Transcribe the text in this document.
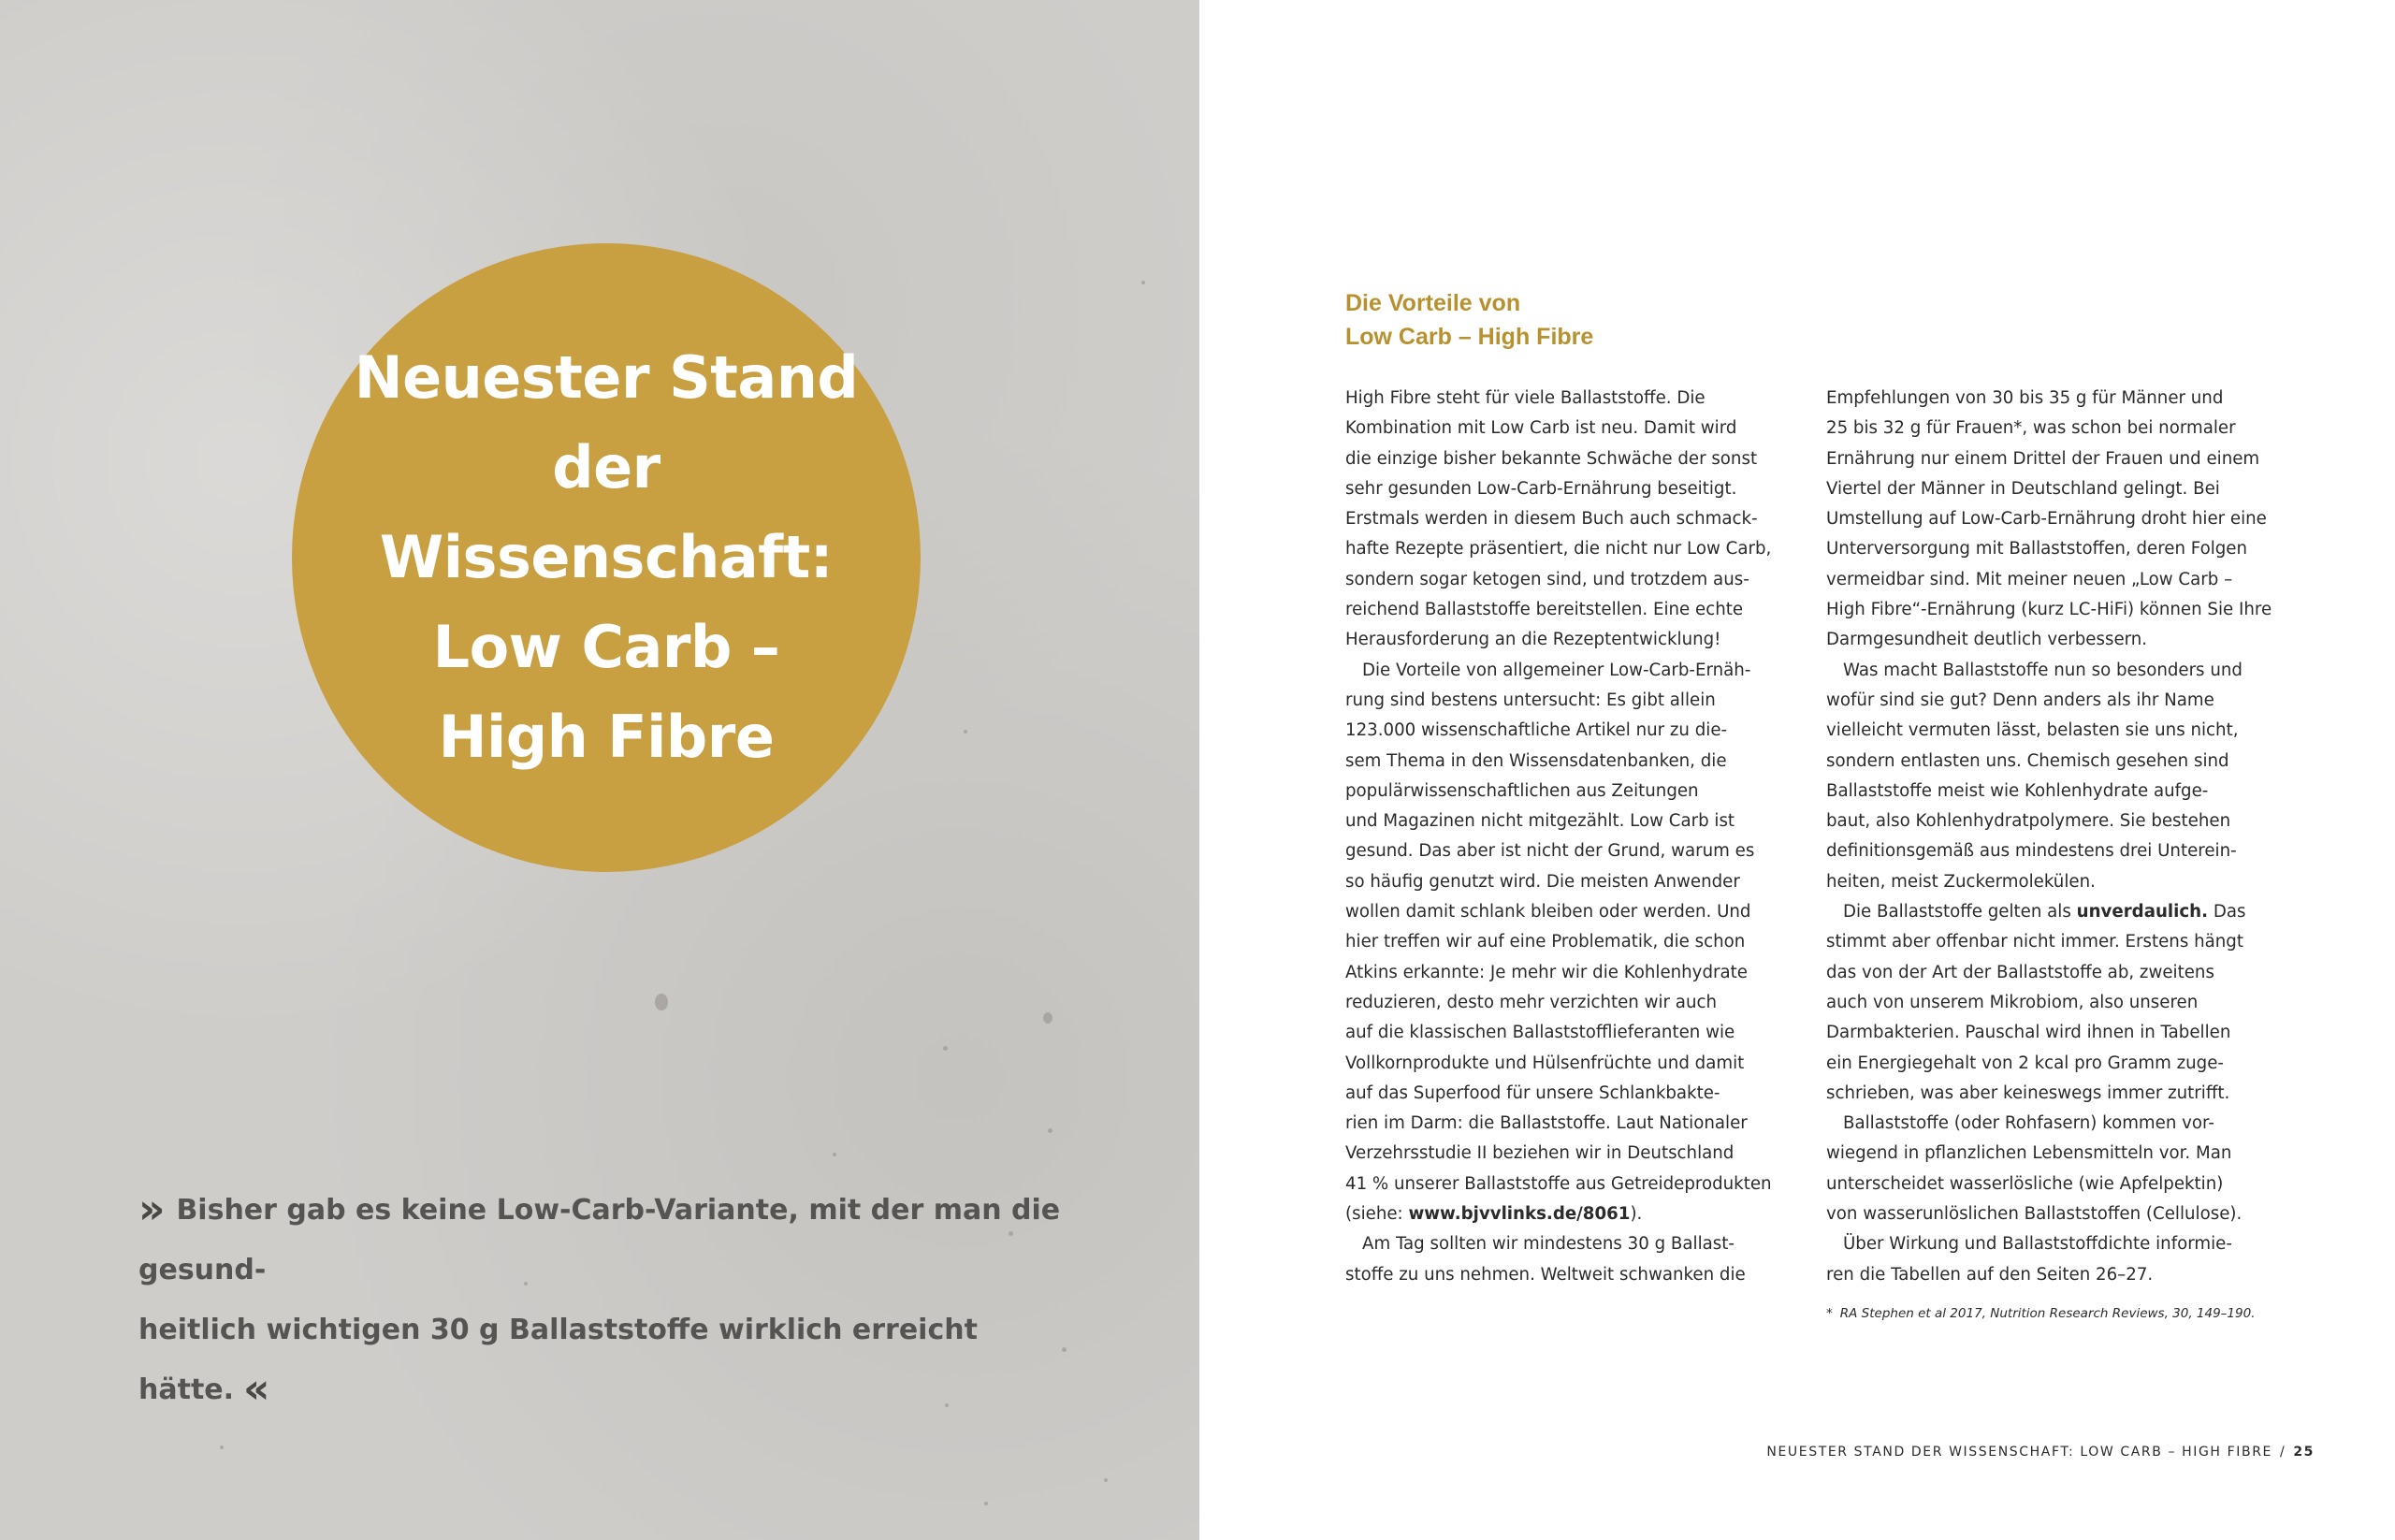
Neuester Stand
der Wissenschaft:
Low Carb –
High Fibre

» Bisher gab es keine Low-Carb-Variante, mit der man die gesund-

heitlich wichtigen 30 g Ballaststoffe wirklich erreicht hätte. «

Die Vorteile von
Low Carb – High Fibre
High Fibre steht für viele Ballaststoffe. Die
Kombination mit Low Carb ist neu. Damit wird
die einzige bisher bekannte Schwäche der sonst
sehr gesunden Low-Carb-Ernährung beseitigt.
Erstmals werden in diesem Buch auch schmack-
hafte Rezepte präsentiert, die nicht nur Low Carb,
sondern sogar ketogen sind, und trotzdem aus-
reichend Ballaststoffe bereitstellen. Eine echte
Herausforderung an die Rezeptentwicklung!
Die Vorteile von allgemeiner Low-Carb-Ernäh-
rung sind bestens untersucht: Es gibt allein
123.000 wissenschaftliche Artikel nur zu die-
sem Thema in den Wissensdatenbanken, die
populärwissenschaftlichen aus Zeitungen
und Magazinen nicht mitgezählt. Low Carb ist
gesund. Das aber ist nicht der Grund, warum es
so häufig genutzt wird. Die meisten Anwender
wollen damit schlank bleiben oder werden. Und
hier treffen wir auf eine Problematik, die schon
Atkins erkannte: Je mehr wir die Kohlenhydrate
reduzieren, desto mehr verzichten wir auch
auf die klassischen Ballaststofflieferanten wie
Vollkornprodukte und Hülsenfrüchte und damit
auf das Superfood für unsere Schlankbakte-
rien im Darm: die Ballaststoffe. Laut Nationaler
Verzehrsstudie II beziehen wir in Deutschland
41 % unserer Ballaststoffe aus Getreideprodukten
(siehe: www.bjvvlinks.de/8061).
Am Tag sollten wir mindestens 30 g Ballast-
stoffe zu uns nehmen. Weltweit schwanken die
Empfehlungen von 30 bis 35 g für Männer und
25 bis 32 g für Frauen*, was schon bei normaler
Ernährung nur einem Drittel der Frauen und einem
Viertel der Männer in Deutschland gelingt. Bei
Umstellung auf Low-Carb-Ernährung droht hier eine
Unterversorgung mit Ballaststoffen, deren Folgen
vermeidbar sind. Mit meiner neuen „Low Carb –
High Fibre“-Ernährung (kurz LC-HiFi) können Sie Ihre
Darmgesundheit deutlich verbessern.
Was macht Ballaststoffe nun so besonders und
wofür sind sie gut? Denn anders als ihr Name
vielleicht vermuten lässt, belasten sie uns nicht,
sondern entlasten uns. Chemisch gesehen sind
Ballaststoffe meist wie Kohlenhydrate aufge-
baut, also Kohlenhydratpolymere. Sie bestehen
definitionsgemäß aus mindestens drei Unterein-
heiten, meist Zuckermolekülen.
Die Ballaststoffe gelten als unverdaulich. Das
stimmt aber offenbar nicht immer. Erstens hängt
das von der Art der Ballaststoffe ab, zweitens
auch von unserem Mikrobiom, also unseren
Darmbakterien. Pauschal wird ihnen in Tabellen
ein Energiegehalt von 2 kcal pro Gramm zuge-
schrieben, was aber keineswegs immer zutrifft.
Ballaststoffe (oder Rohfasern) kommen vor-
wiegend in pflanzlichen Lebensmitteln vor. Man
unterscheidet wasserlösliche (wie Apfelpektin)
von wasserunlöslichen Ballaststoffen (Cellulose).
Über Wirkung und Ballaststoffdichte informie-
ren die Tabellen auf den Seiten 26–27.
* RA Stephen et al 2017, Nutrition Research Reviews, 30, 149–190.
NEUESTER STAND DER WISSENSCHAFT: LOW CARB – HIGH FIBRE / 25
